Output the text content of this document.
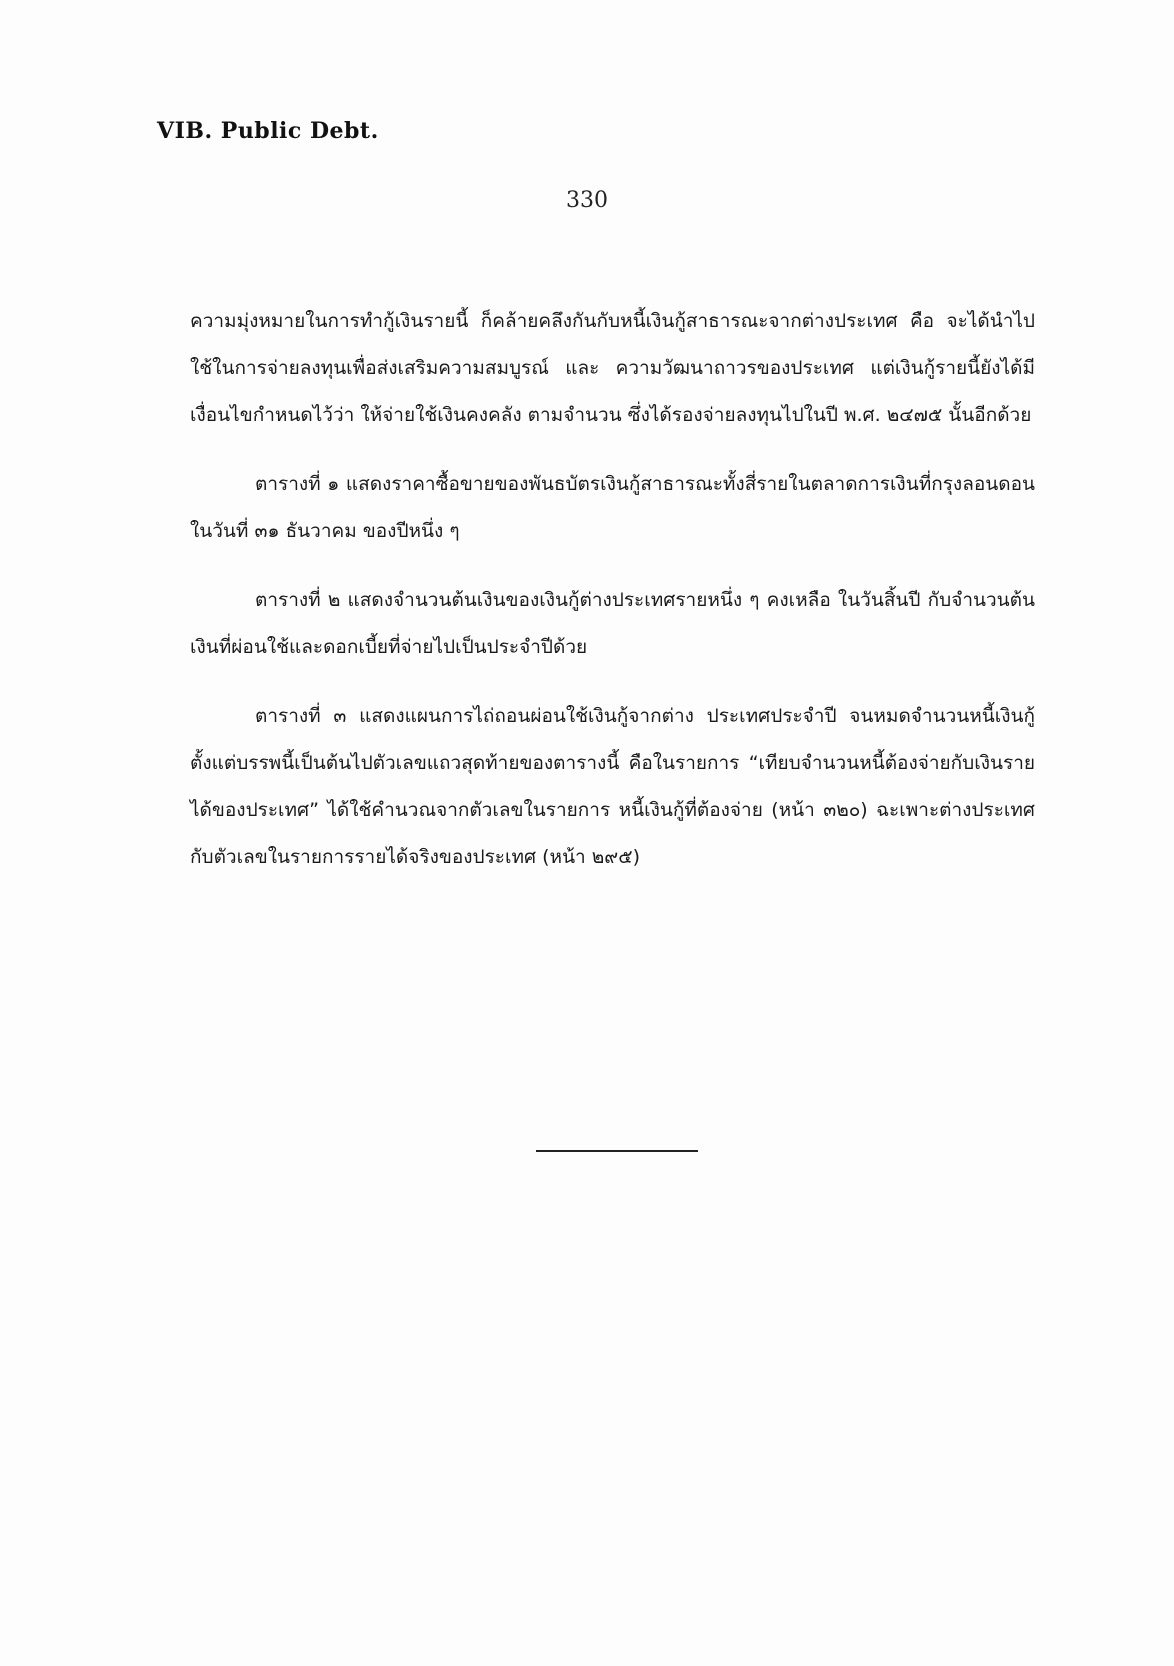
VIB. Public Debt.
330

ความมุ่งหมายในการทำกู้เงินรายนี้ ก็คล้ายคลึงกันกับหนี้เงินกู้สาธารณะจากต่างประเทศ คือ จะได้นำไปใช้ในการจ่ายลงทุนเพื่อส่งเสริมความสมบูรณ์ และ ความวัฒนาถาวรของประเทศ แต่เงินกู้รายนี้ยังได้มีเงื่อนไขกำหนดไว้ว่า ให้จ่ายใช้เงินคงคลัง ตามจำนวน ซึ่งได้รองจ่ายลงทุนไปในปี พ.ศ. ๒๔๗๕ นั้นอีกด้วย

ตารางที่ ๑ แสดงราคาซื้อขายของพันธบัตรเงินกู้สาธารณะทั้งสี่รายในตลาดการเงินที่กรุงลอนดอนในวันที่ ๓๑ ธันวาคม ของปีหนึ่ง ๆ

ตารางที่ ๒ แสดงจำนวนต้นเงินของเงินกู้ต่างประเทศรายหนึ่ง ๆ คงเหลือ ในวันสิ้นปี กับจำนวนต้นเงินที่ผ่อนใช้และดอกเบี้ยที่จ่ายไปเป็นประจำปีด้วย

ตารางที่ ๓ แสดงแผนการไถ่ถอนผ่อนใช้เงินกู้จากต่าง ประเทศประจำปี จนหมดจำนวนหนี้เงินกู้ ตั้งแต่บรรพนี้เป็นต้นไปตัวเลขแถวสุดท้ายของตารางนี้ คือในรายการ “เทียบจำนวนหนี้ต้องจ่ายกับเงินรายได้ของประเทศ” ได้ใช้คำนวณจากตัวเลขในรายการ หนี้เงินกู้ที่ต้องจ่าย (หน้า ๓๒๐) ฉะเพาะต่างประเทศ กับตัวเลขในรายการรายได้จริงของประเทศ (หน้า ๒๙๕)
